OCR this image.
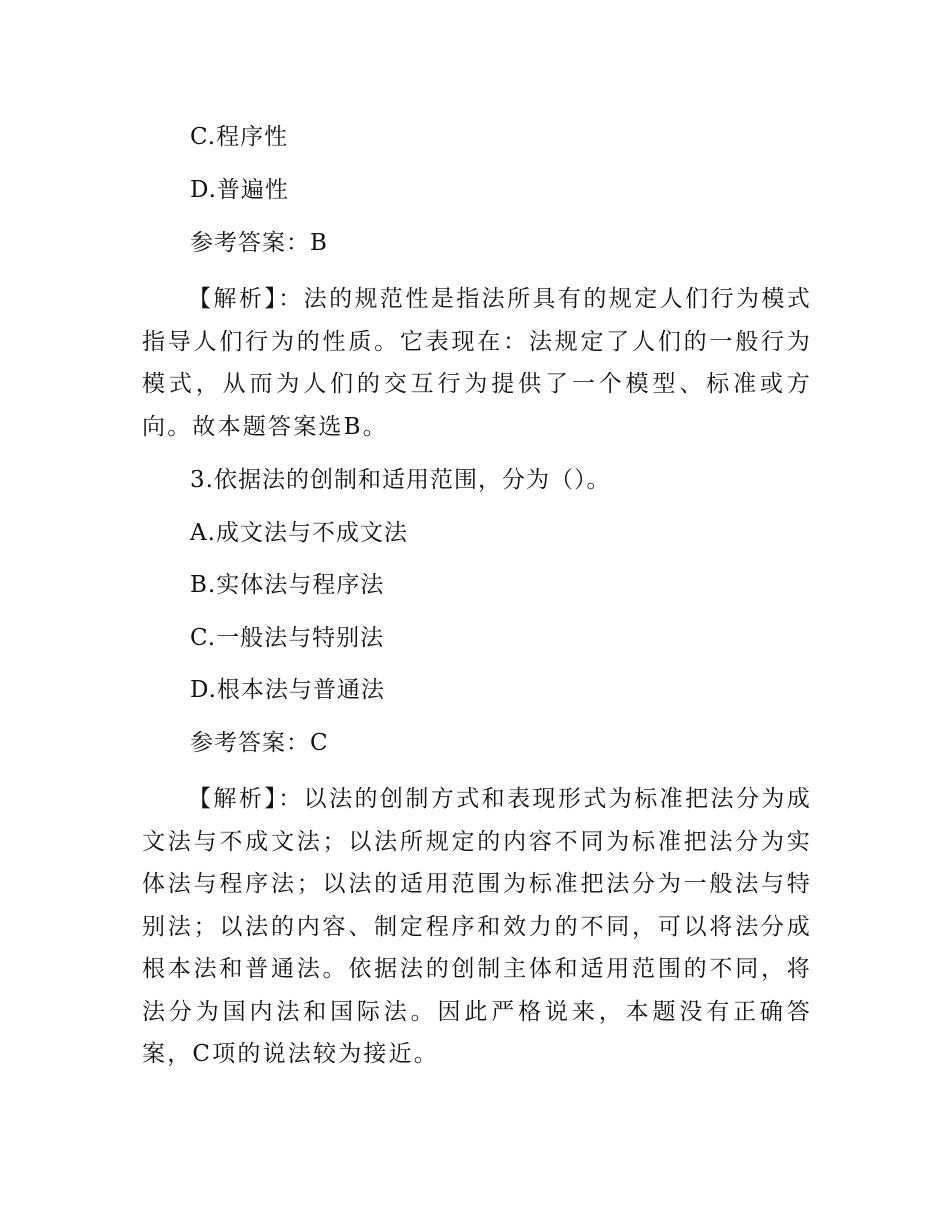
C.程序性
D.普遍性
参考答案：B
【解析】：法的规范性是指法所具有的规定人们行为模式指导人们行为的性质。它表现在：法规定了人们的一般行为模式，从而为人们的交互行为提供了一个模型、标准或方向。故本题答案选B。
3.依据法的创制和适用范围，分为（）。
A.成文法与不成文法
B.实体法与程序法
C.一般法与特别法
D.根本法与普通法
参考答案：C
【解析】：以法的创制方式和表现形式为标准把法分为成文法与不成文法；以法所规定的内容不同为标准把法分为实体法与程序法；以法的适用范围为标准把法分为一般法与特别法；以法的内容、制定程序和效力的不同，可以将法分成根本法和普通法。依据法的创制主体和适用范围的不同，将法分为国内法和国际法。因此严格说来，本题没有正确答案，C项的说法较为接近。
